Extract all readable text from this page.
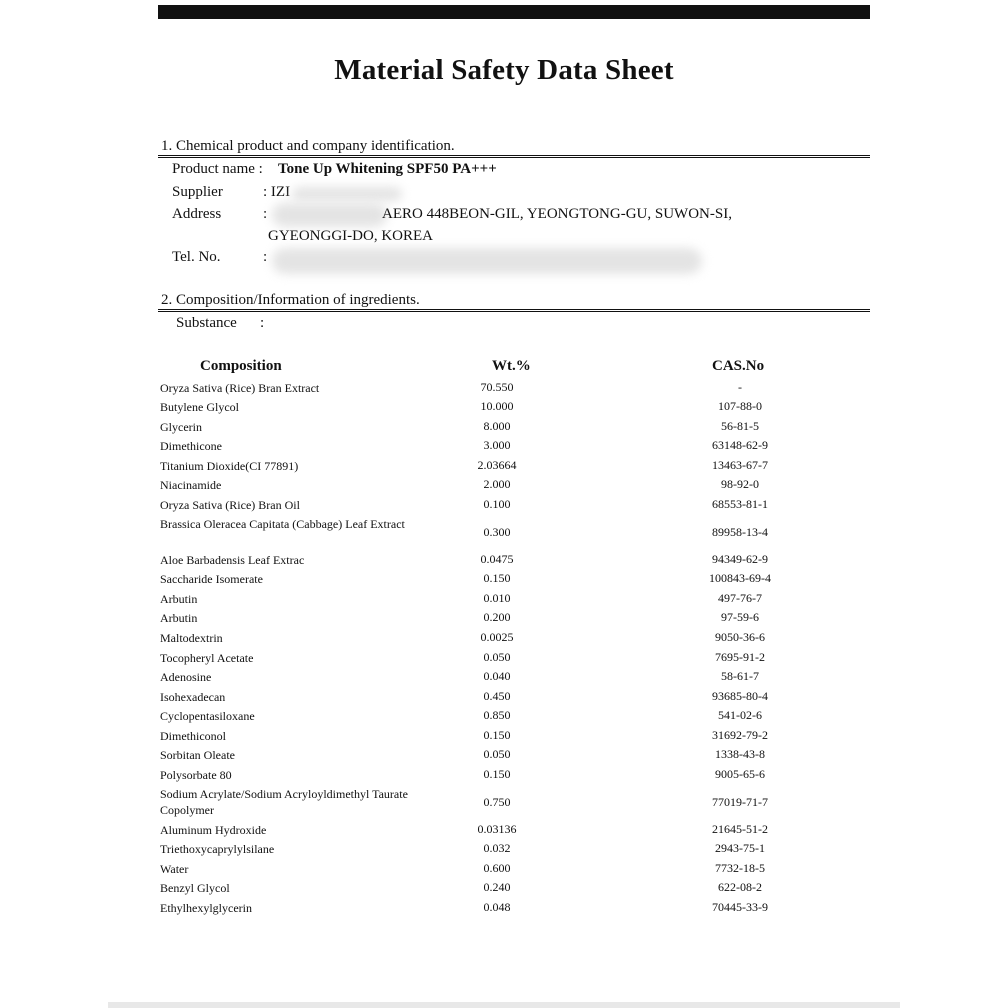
Material Safety Data Sheet
1. Chemical product and company identification.
Product name : Tone Up Whitening SPF50 PA+++
Supplier	: IZI
Address	:	AERO 448BEON-GIL, YEONGTONG-GU, SUWON-SI,
GYEONGGI-DO, KOREA
Tel. No.	:
2. Composition/Information of ingredients.
Substance :
Composition	Wt.%	CAS.No
Oryza Sativa (Rice) Bran Extract	70.550	-
Butylene Glycol	10.000	107-88-0
Glycerin	8.000	56-81-5
Dimethicone	3.000	63148-62-9
Titanium Dioxide(CI 77891)	2.03664	13463-67-7
Niacinamide	2.000	98-92-0
Oryza Sativa (Rice) Bran Oil	0.100	68553-81-1
Brassica Oleracea Capitata (Cabbage) Leaf Extract
0.300	89958-13-4
Aloe Barbadensis Leaf Extrac	0.0475	94349-62-9
Saccharide Isomerate	0.150	100843-69-4
Arbutin	0.010	497-76-7
Arbutin	0.200	97-59-6
Maltodextrin	0.0025	9050-36-6
Tocopheryl Acetate	0.050	7695-91-2
Adenosine	0.040	58-61-7
Isohexadecan	0.450	93685-80-4
Cyclopentasiloxane	0.850	541-02-6
Dimethiconol	0.150	31692-79-2
Sorbitan Oleate	0.050	1338-43-8
Polysorbate 80	0.150	9005-65-6
Sodium Acrylate/Sodium Acryloyldimethyl Taurate Copolymer
0.750	77019-71-7
Aluminum Hydroxide	0.03136	21645-51-2
Triethoxycaprylylsilane	0.032	2943-75-1
Water	0.600	7732-18-5
Benzyl Glycol	0.240	622-08-2
Ethylhexylglycerin	0.048	70445-33-9
